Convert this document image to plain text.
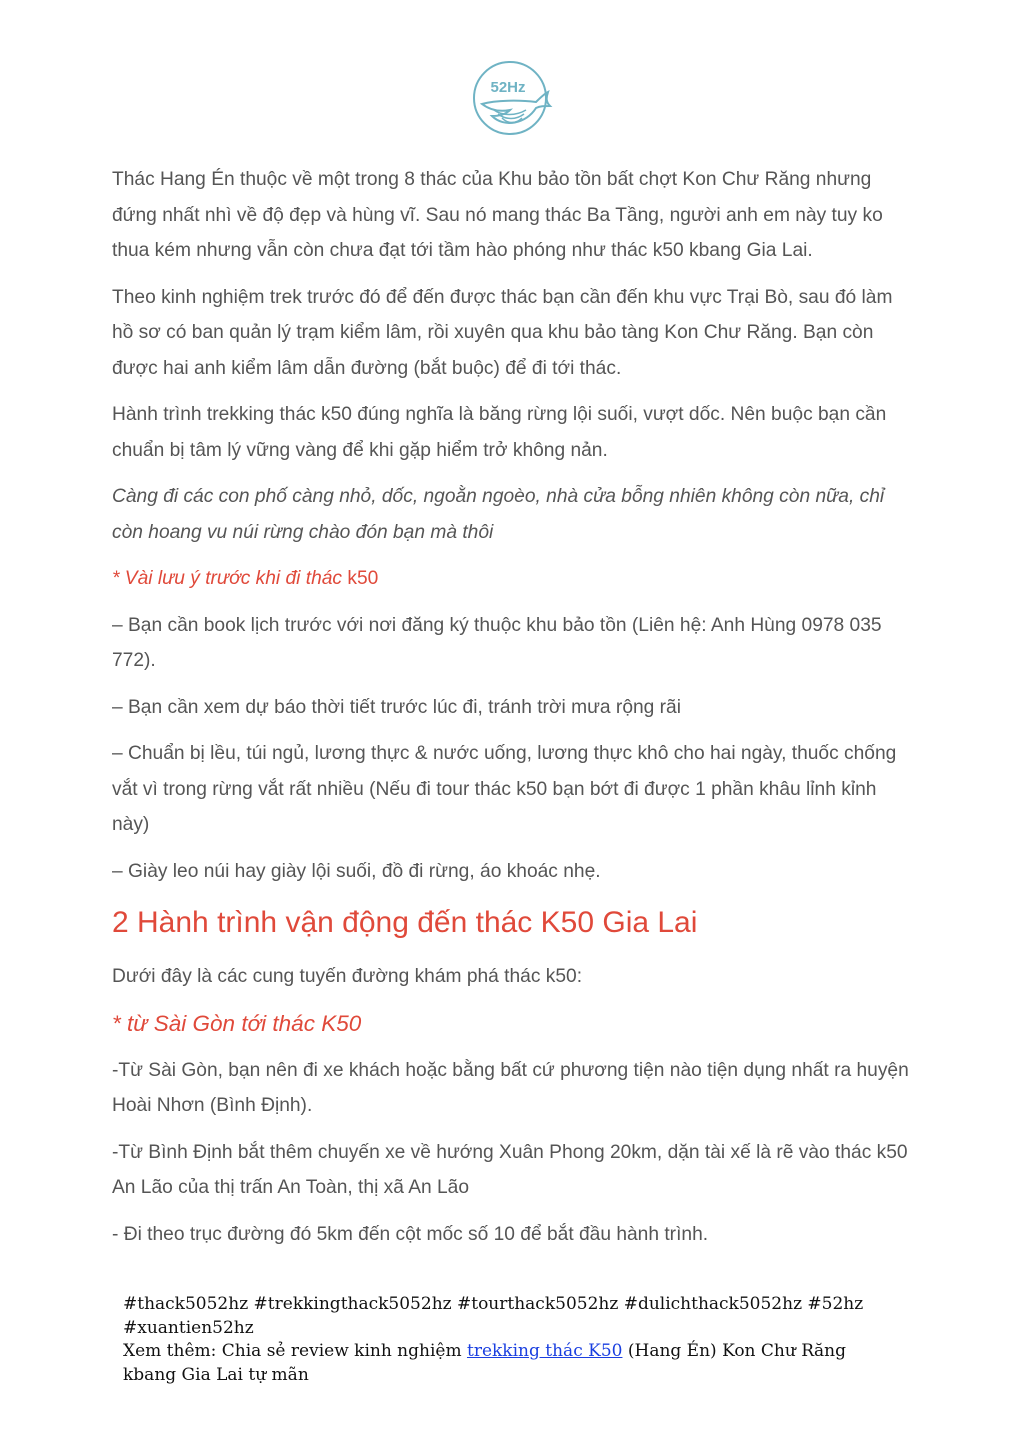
52Hz

Thác Hang Én thuộc về một trong 8 thác của Khu bảo tồn bất chợt Kon Chư Răng nhưng đứng nhất nhì về độ đẹp và hùng vĩ. Sau nó mang thác Ba Tầng, người anh em này tuy ko thua kém nhưng vẫn còn chưa đạt tới tầm hào phóng như thác k50 kbang Gia Lai.

Theo kinh nghiệm trek trước đó để đến được thác bạn cần đến khu vực Trại Bò, sau đó làm hồ sơ có ban quản lý trạm kiểm lâm, rồi xuyên qua khu bảo tàng Kon Chư Răng. Bạn còn được hai anh kiểm lâm dẫn đường (bắt buộc) để đi tới thác.

Hành trình trekking thác k50 đúng nghĩa là băng rừng lội suối, vượt dốc. Nên buộc bạn cần chuẩn bị tâm lý vững vàng để khi gặp hiểm trở không nản.

Càng đi các con phố càng nhỏ, dốc, ngoằn ngoèo, nhà cửa bỗng nhiên không còn nữa, chỉ còn hoang vu núi rừng chào đón bạn mà thôi

* Vài lưu ý trước khi đi thác k50

– Bạn cần book lịch trước với nơi đăng ký thuộc khu bảo tồn (Liên hệ: Anh Hùng 0978 035 772).

– Bạn cần xem dự báo thời tiết trước lúc đi, tránh trời mưa rộng rãi

– Chuẩn bị lều, túi ngủ, lương thực & nước uống, lương thực khô cho hai ngày, thuốc chống vắt vì trong rừng vắt rất nhiều (Nếu đi tour thác k50 bạn bớt đi được 1 phần khâu lỉnh kỉnh này)

– Giày leo núi hay giày lội suối, đồ đi rừng, áo khoác nhẹ.

2 Hành trình vận động đến thác K50 Gia Lai

Dưới đây là các cung tuyến đường khám phá thác k50:

* từ Sài Gòn tới thác K50

-Từ Sài Gòn, bạn nên đi xe khách hoặc bằng bất cứ phương tiện nào tiện dụng nhất ra huyện Hoài Nhơn (Bình Định).

-Từ Bình Định bắt thêm chuyến xe về hướng Xuân Phong 20km, dặn tài xế là rẽ vào thác k50 An Lão của thị trấn An Toàn, thị xã An Lão

- Đi theo trục đường đó 5km đến cột mốc số 10 để bắt đầu hành trình.

#thack5052hz #trekkingthack5052hz #tourthack5052hz #dulichthack5052hz #52hz #xuantien52hz
Xem thêm: Chia sẻ review kinh nghiệm trekking thác K50 (Hang Én) Kon Chư Răng kbang Gia Lai tự mãn
